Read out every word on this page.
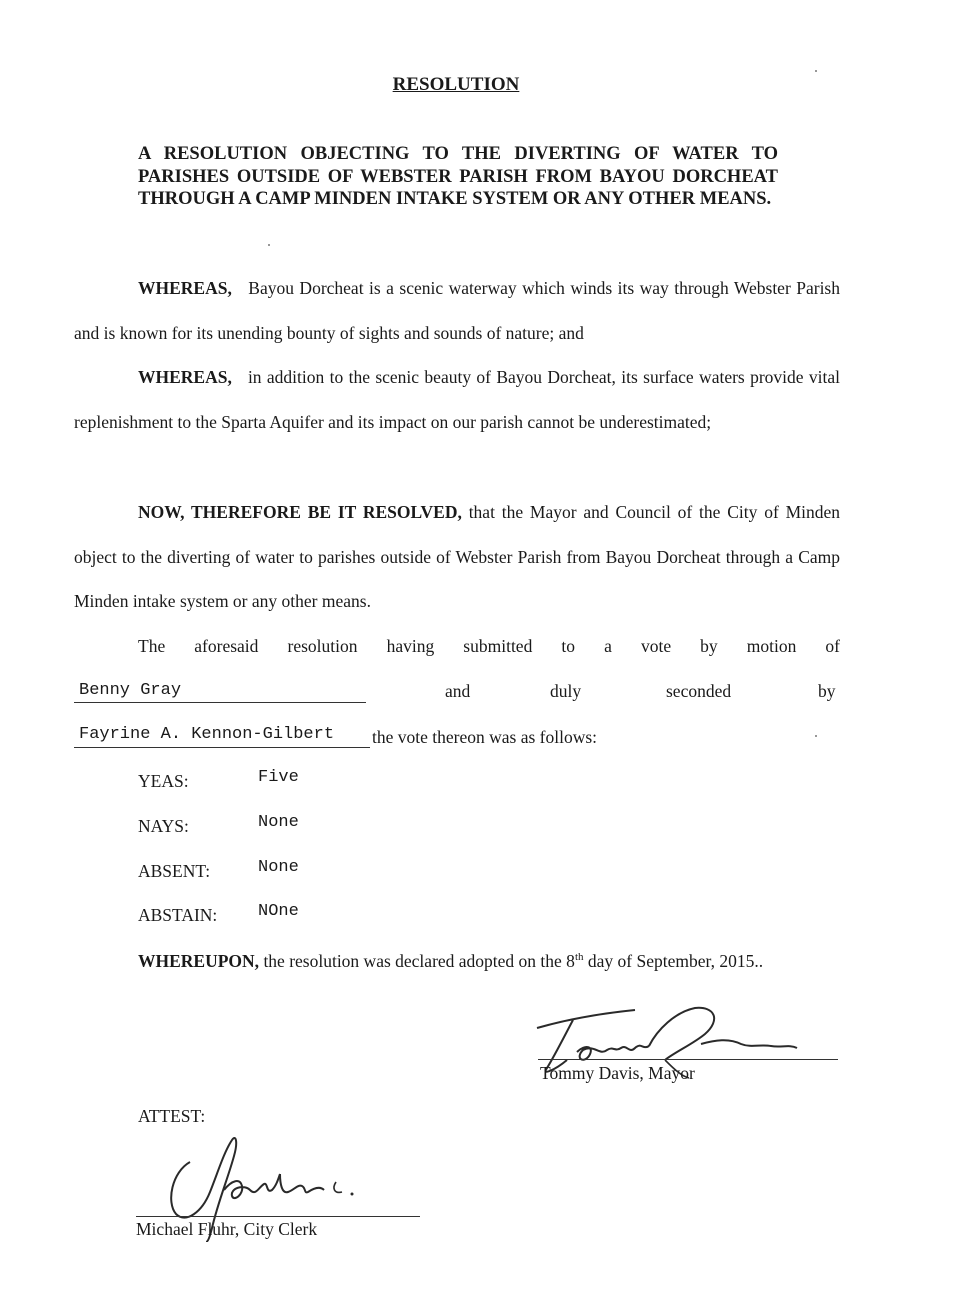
RESOLUTION
A RESOLUTION OBJECTING TO THE DIVERTING OF WATER TO PARISHES OUTSIDE OF WEBSTER PARISH FROM BAYOU DORCHEAT THROUGH A CAMP MINDEN INTAKE SYSTEM OR ANY OTHER MEANS.

WHEREAS, Bayou Dorcheat is a scenic waterway which winds its way through Webster Parish and is known for its unending bounty of sights and sounds of nature; and

WHEREAS, in addition to the scenic beauty of Bayou Dorcheat, its surface waters provide vital replenishment to the Sparta Aquifer and its impact on our parish cannot be underestimated;

NOW, THEREFORE BE IT RESOLVED, that the Mayor and Council of the City of Minden object to the diverting of water to parishes outside of Webster Parish from Bayou Dorcheat through a Camp Minden intake system or any other means.

The aforesaid resolution having submitted to a vote by motion of

Benny Gray	and	duly	seconded	by
Fayrine A. Kennon-Gilbert the vote thereon was as follows:
YEAS:	Five
NAYS:	None
ABSENT:	None
ABSTAIN: NOne

WHEREUPON, the resolution was declared adopted on the 8th day of September, 2015..

Tommy Davis, Mayor
ATTEST:
Michael Fluhr, City Clerk
